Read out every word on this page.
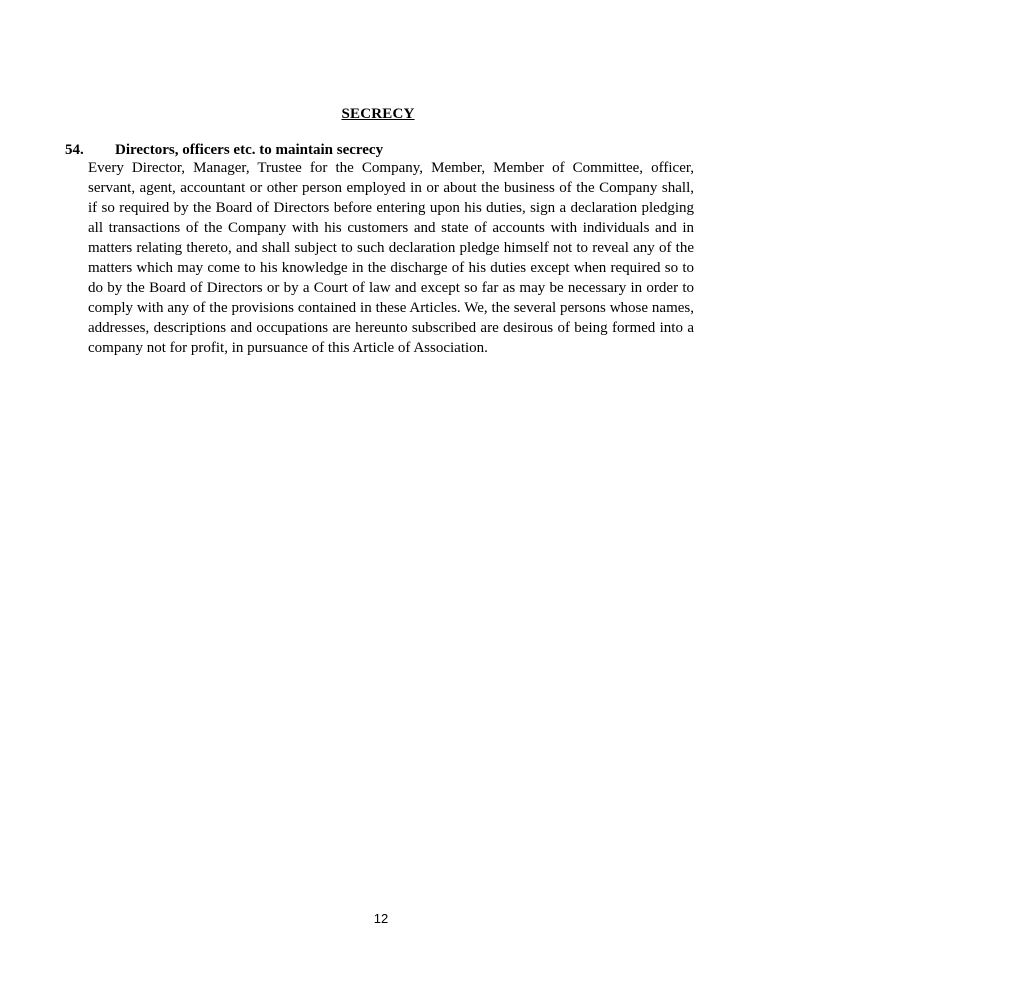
SECRECY
54. Directors, officers etc. to maintain secrecy

Every Director, Manager, Trustee for the Company, Member, Member of Committee, officer, servant, agent, accountant or other person employed in or about the business of the Company shall, if so required by the Board of Directors before entering upon his duties, sign a declaration pledging all transactions of the Company with his customers and state of accounts with individuals and in matters relating thereto, and shall subject to such declaration pledge himself not to reveal any of the matters which may come to his knowledge in the discharge of his duties except when required so to do by the Board of Directors or by a Court of law and except so far as may be necessary in order to comply with any of the provisions contained in these Articles. We, the several persons whose names, addresses, descriptions and occupations are hereunto subscribed are desirous of being formed into a company not for profit, in pursuance of this Article of Association.

12
